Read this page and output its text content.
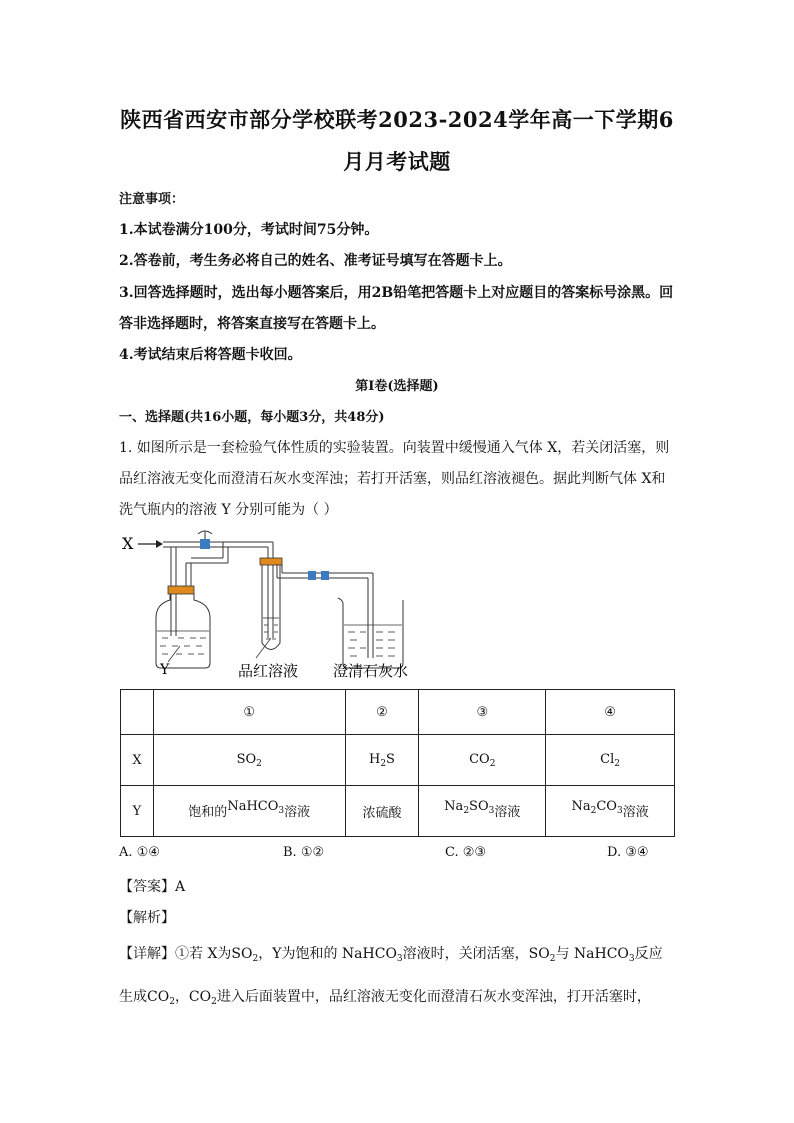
陕西省西安市部分学校联考2023-2024学年高一下学期6
月月考试题
注意事项：
1.本试卷满分100分，考试时间75分钟。
2.答卷前，考生务必将自己的姓名、准考证号填写在答题卡上。
3.回答选择题时，选出每小题答案后，用2B铅笔把答题卡上对应题目的答案标号涂黑。回
答非选择题时，将答案直接写在答题卡上。
4.考试结束后将答题卡收回。
第I卷(选择题)
一、选择题(共16小题，每小题3分，共48分)
1. 如图所示是一套检验气体性质的实验装置。向装置中缓慢通入气体 X，若关闭活塞，则
品红溶液无变化而澄清石灰水变浑浊；若打开活塞，则品红溶液褪色。据此判断气体 X和
洗气瓶内的溶液 Y 分别可能为（ ）
X
Y	品红溶液 澄清石灰水
	①	②	③	④
X	$SO_2$	$H_2S$	$CO_2$	$Cl_2$
Y	饱和的NaHCO$_3$溶液	浓硫酸	$Na_2SO_3$溶液	$Na_2CO_3$溶液
A. ①④	B. ①②	C. ②③	D. ③④
【答案】A
【解析】
【详解】①若 X为$SO_2$，Y为饱和的 NaHCO$_3$溶液时，关闭活塞，$SO_2$与 NaHCO$_3$反应
生成$CO_2$，$CO_2$进入后面装置中，品红溶液无变化而澄清石灰水变浑浊，打开活塞时，
